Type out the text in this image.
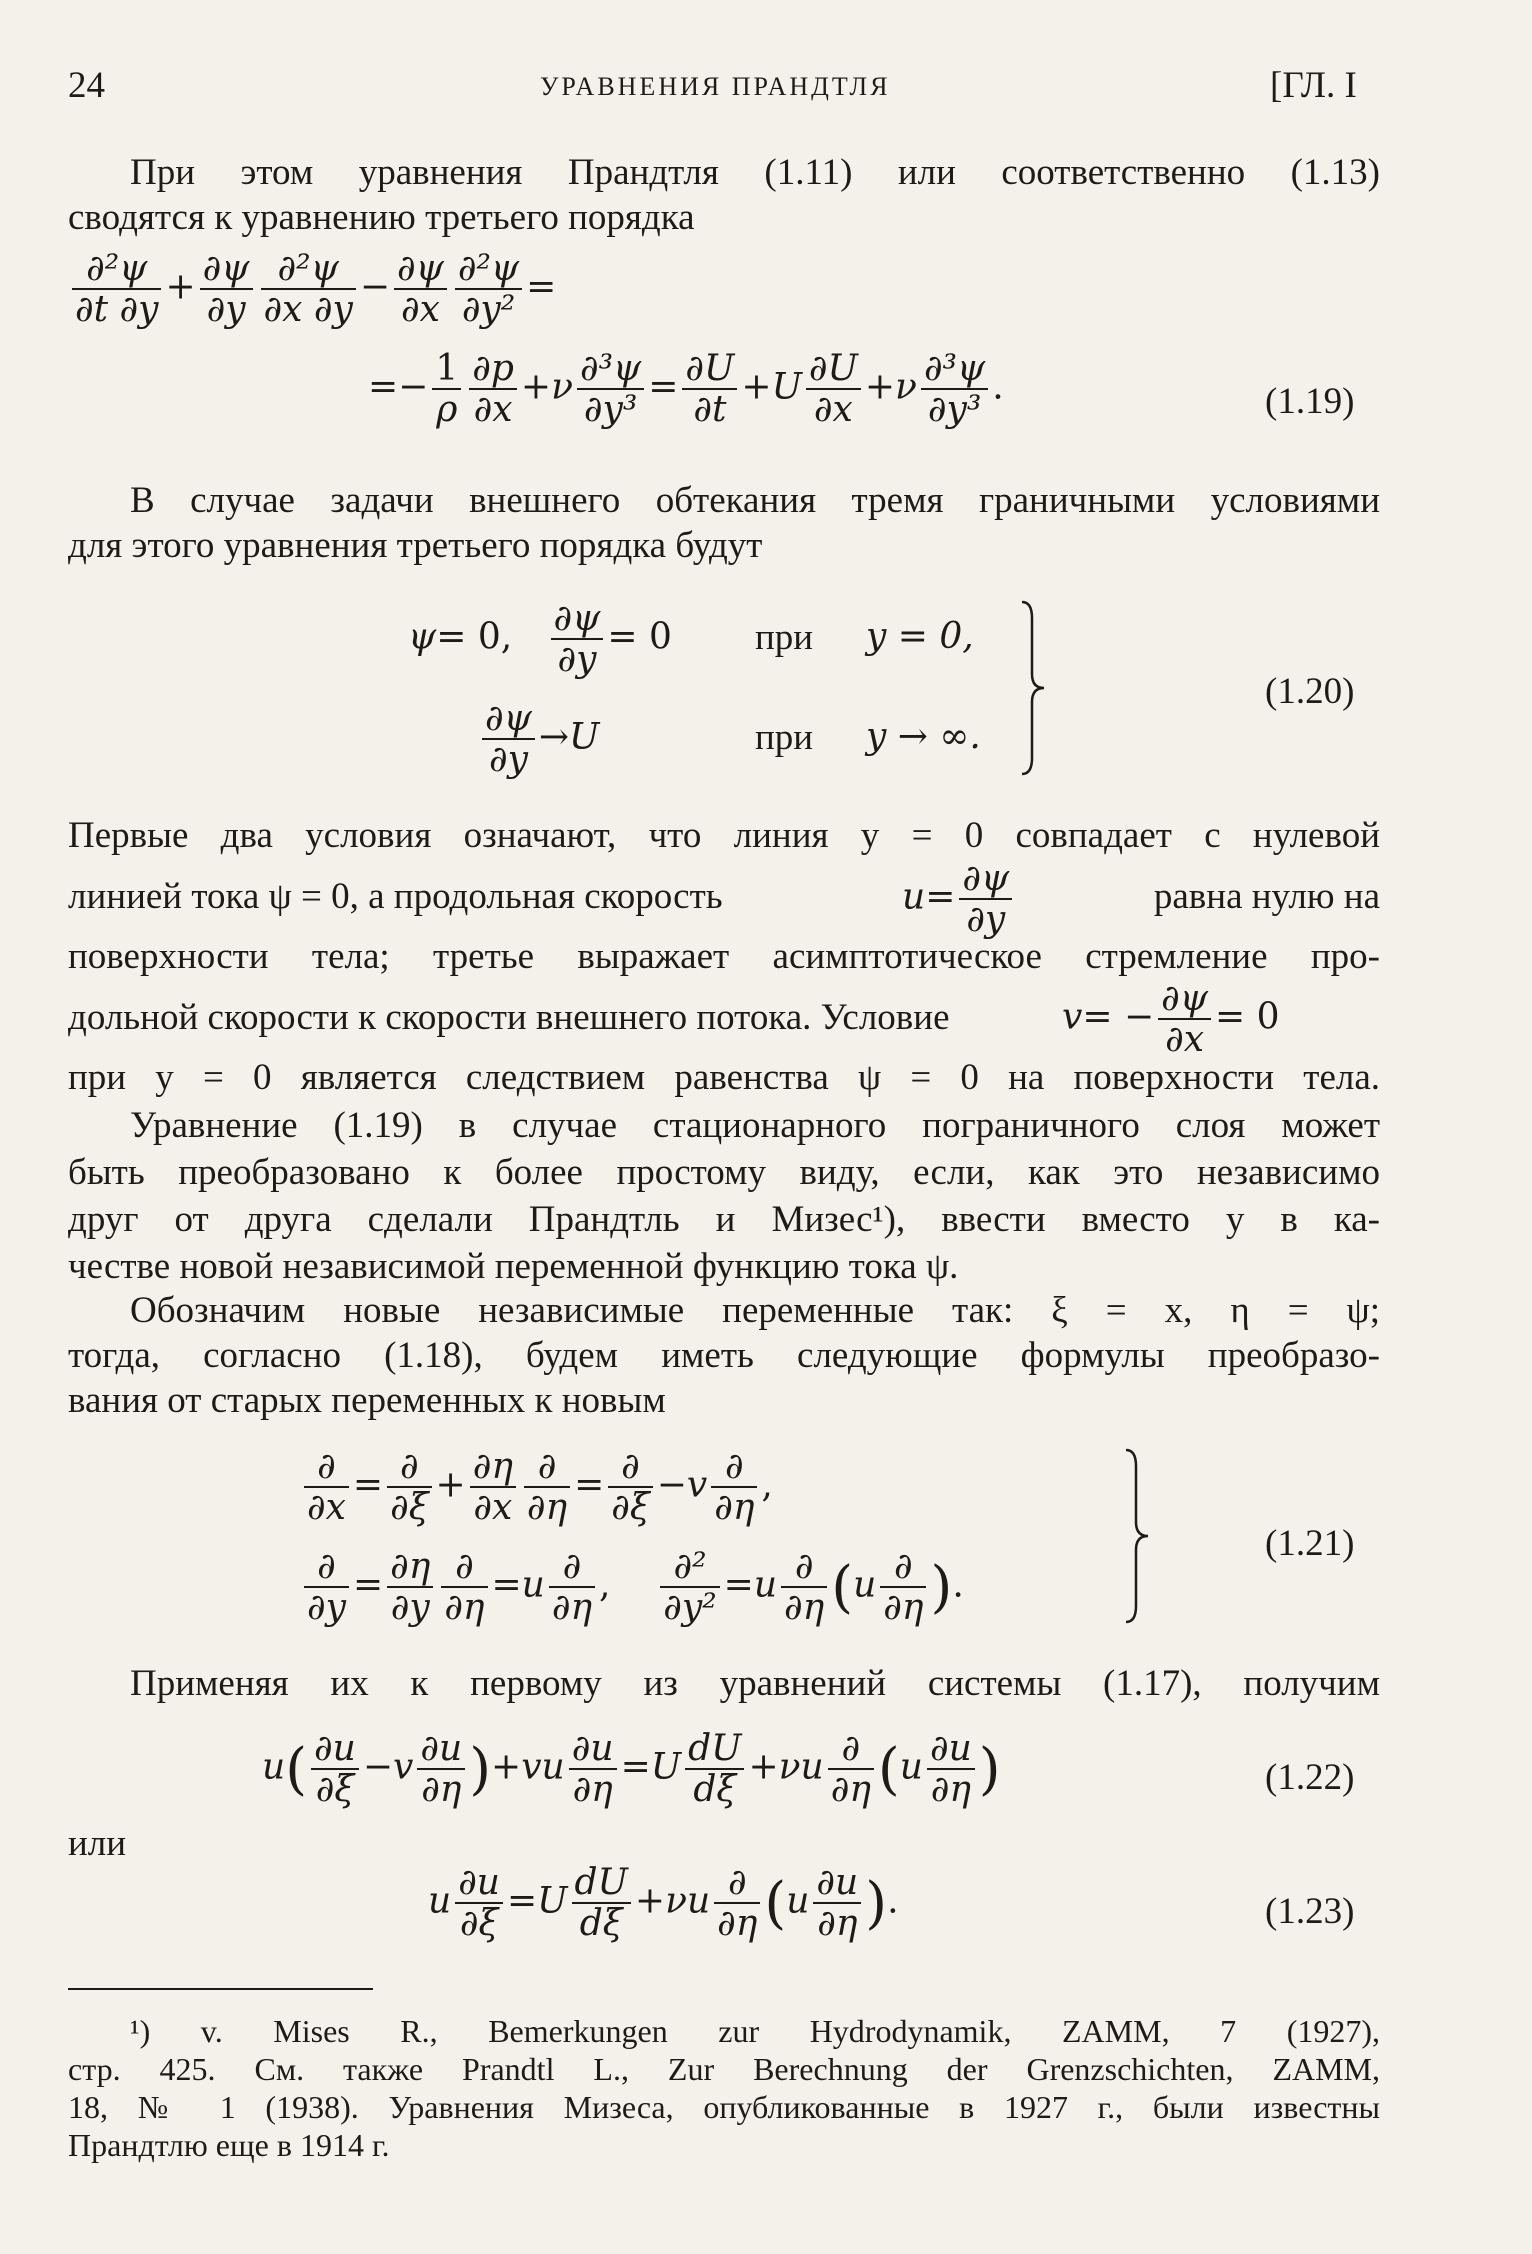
24	УРАВНЕНИЯ ПРАНДТЛЯ	[ГЛ. I
При этом уравнения Прандтля (1.11) или соответственно (1.13)
сводятся к уравнению третьего порядка
$\frac{\text{∂²ψ}}{\partial t \partial y} + \frac{\partial\psi}{\partial y} \frac{\text{∂²ψ}}{\partial x \partial y} - \frac{\partial\psi}{\partial x} \frac{\text{∂²ψ}}{\text{∂y²}}$ =
=− $\frac{1}{\rho} \frac{\partial p}{\partial x} +\nu \frac{\text{∂³ψ}}{\text{∂y³}} = \frac{\partial U}{\partial t} +U \frac{\partial U}{\partial x} +\nu \frac{\text{∂³ψ}}{\text{∂y³}}$ .	(1.19)
В случае задачи внешнего обтекания тремя граничными условиями
для этого уравнения третьего порядка будут
ψ= 0, $\frac{\partial\psi}{\partial y} = 0$ при y = 0,
$\frac{\partial\psi}{\partial y} \to U$	при y → ∞.
(1.20)
Первые два условия означают, что линия y = 0 совпадает с нулевой
линией тока ψ = 0, а продольная скорость	$u= \frac{\partial\psi}{\partial y}$	равна нулю на
поверхности тела; третье выражает асимптотическое стремление про-
дольной скорости к скорости внешнего потока. Условие	$v= - \frac{\partial\psi}{\partial x} = 0$
при y = 0 является следствием равенства ψ = 0 на поверхности тела.
Уравнение (1.19) в случае стационарного пограничного слоя может
быть преобразовано к более простому виду, если, как это независимо
друг от друга сделали Прандтль и Мизес¹), ввести вместо y в ка-
честве новой независимой переменной функцию тока ψ.
Обозначим новые независимые переменные так: ξ = x, η = ψ;
тогда, согласно (1.18), будем иметь следующие формулы преобразо-
вания от старых переменных к новым
$\frac{\partial}{\partial x} = \frac{\partial}{\partial\xi} + \frac{\partial\eta}{\partial x} \frac{\partial}{\partial\eta} = \frac{\partial}{\partial\xi} -v \frac{\partial}{\partial\eta}$ ,
$\frac{\partial}{\partial y} = \frac{\partial\eta}{\partial y} \frac{\partial}{\partial\eta} =u \frac{\partial}{\partial\eta}$ , $\frac{\text{∂²}}{\text{∂y²}} =u \frac{\partial}{\partial\eta} (u \frac{\partial}{\partial\eta}$ ).
(1.21)
Применяя их к первому из уравнений системы (1.17), получим
$u( \frac{\partial u}{\partial\xi} -v \frac{\partial u}{\partial\eta} )+vu \frac{\partial u}{\partial\eta} =U \frac{dU}{d\xi} +\nu u \frac{\partial}{\partial\eta} (u \frac{\partial u}{\partial\eta}$ )	(1.22)
или
u $\frac{\partial u}{\partial\xi} =U \frac{dU}{d\xi} +\nu u \frac{\partial}{\partial\eta} (u \frac{\partial u}{\partial\eta}$ ).	(1.23)
¹) v. Mises R., Bemerkungen zur Hydrodynamik, ZAMM, 7 (1927),
стр. 425. См. также Prandtl L., Zur Berechnung der Grenzschichten, ZAMM,
18, № 1 (1938). Уравнения Мизеса, опубликованные в 1927 г., были известны
Прандтлю еще в 1914 г.
